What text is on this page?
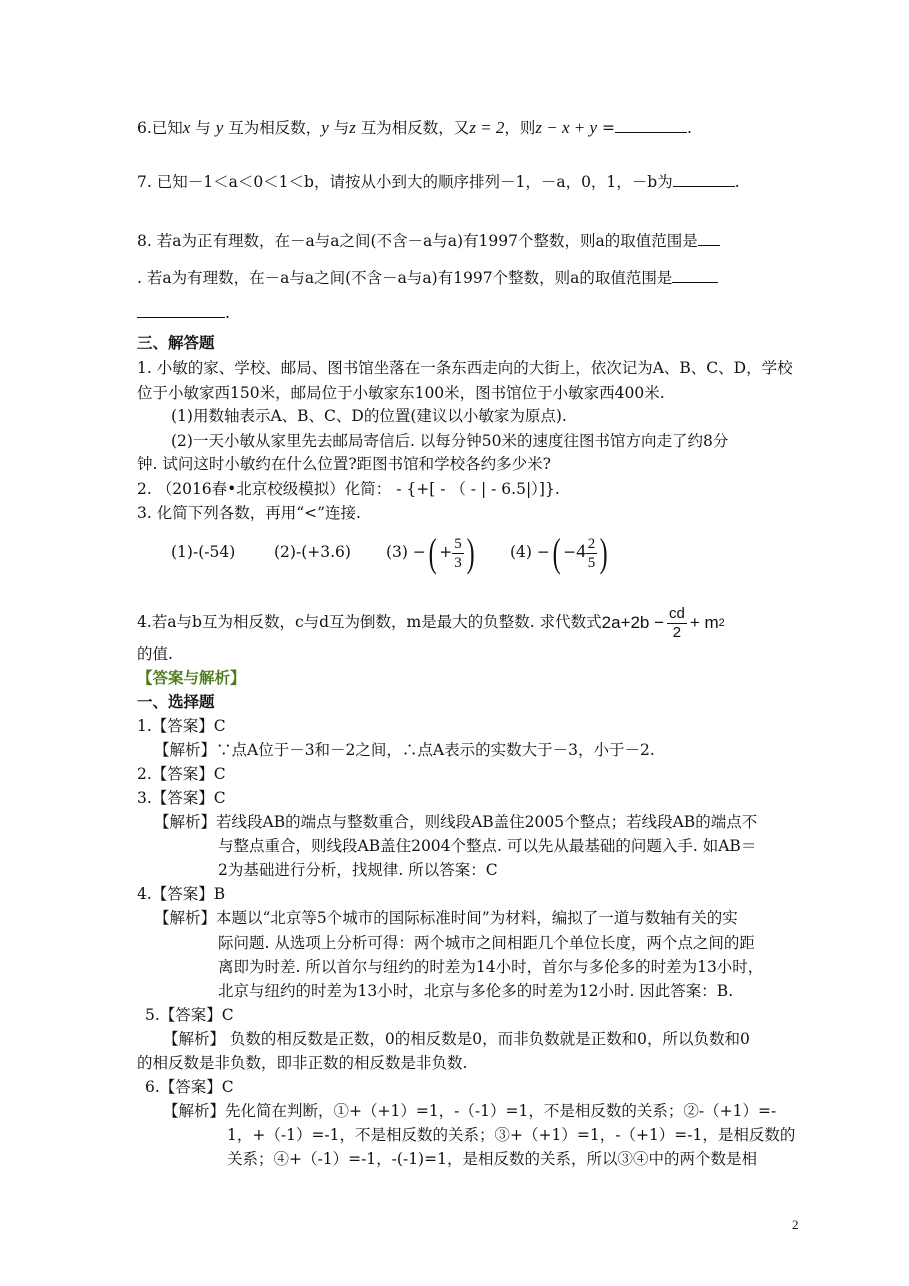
6.已知x 与 y 互为相反数，y 与z 互为相反数，又z = 2，则z − x + y =	.
7. 已知－1＜a＜0＜1＜b，请按从小到大的顺序排列－1，－a，0，1，－b为	.
8. 若a为正有理数，在－a与a之间(不含－a与a)有1997个整数，则a的取值范围是
. 若a为有理数，在－a与a之间(不含－a与a)有1997个整数，则a的取值范围是
.
三、解答题
1. 小敏的家、学校、邮局、图书馆坐落在一条东西走向的大街上，依次记为A、B、C、D，学校
位于小敏家西150米，邮局位于小敏家东100米，图书馆位于小敏家西400米.
(1)用数轴表示A、B、C、D的位置(建议以小敏家为原点).
(2)一天小敏从家里先去邮局寄信后. 以每分钟50米的速度往图书馆方向走了约8分
钟. 试问这时小敏约在什么位置?距图书馆和学校各约多少米?
2. （2016春•北京校级模拟）化简： - {+[ - （ - | - 6.5|）]}.
3. 化简下列各数，再用“<”连接.
(1)-(-54)	(2)-(+3.6) (3) −( + $\frac{5}{3}$ ) (4) −( $-4 \frac{2}{5}$ )
4.若a与b互为相反数，c与d互为倒数，m是最大的负整数. 求代数式 $2a+2b - \frac{cd}{2} + m$ 2
的值.
【答案与解析】
一、选择题
1.【答案】C
【解析】∵点A位于－3和－2之间，∴点A表示的实数大于－3，小于－2.
2.【答案】C
3.【答案】C
【解析】若线段AB的端点与整数重合，则线段AB盖住2005个整点；若线段AB的端点不
与整点重合，则线段AB盖住2004个整点. 可以先从最基础的问题入手. 如AB＝
2为基础进行分析，找规律. 所以答案：C
4.【答案】B
【解析】本题以“北京等5个城市的国际标准时间”为材料，编拟了一道与数轴有关的实
际问题. 从选项上分析可得：两个城市之间相距几个单位长度，两个点之间的距
离即为时差. 所以首尔与纽约的时差为14小时，首尔与多伦多的时差为13小时，
北京与纽约的时差为13小时，北京与多伦多的时差为12小时. 因此答案：B.
5.【答案】C
【解析】 负数的相反数是正数，0的相反数是0，而非负数就是正数和0，所以负数和0
的相反数是非负数，即非正数的相反数是非负数.
6.【答案】C
【解析】先化简在判断，①+（+1）=1，-（-1）=1，不是相反数的关系；②-（+1）=-
1，+（-1）=-1，不是相反数的关系；③+（+1）=1，-（+1）=-1，是相反数的
关系；④+（-1）=-1，-(-1)=1，是相反数的关系，所以③④中的两个数是相
2
